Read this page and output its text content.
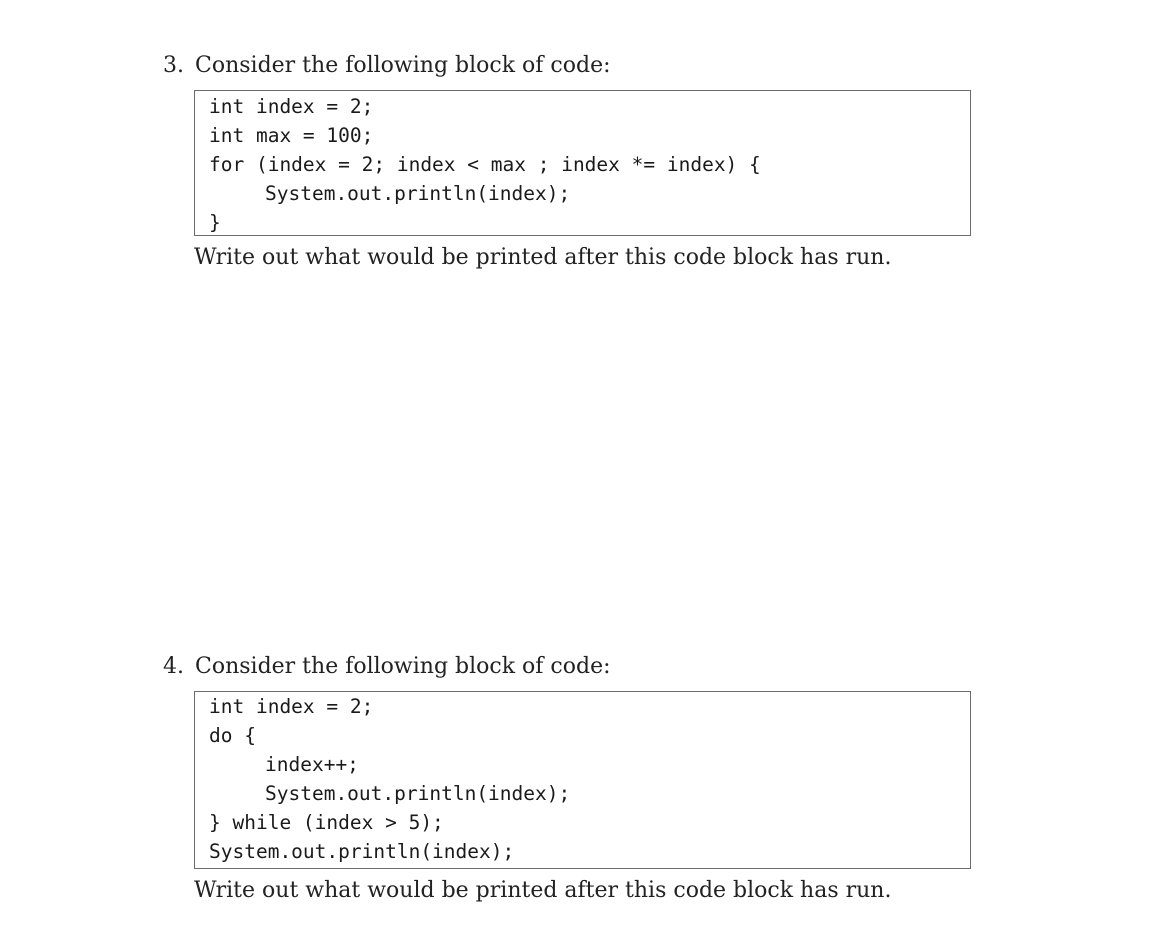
3. Consider the following block of code:
int index = 2;
int max = 100;
for (index = 2; index < max ; index *= index) {
System.out.println(index);
}
Write out what would be printed after this code block has run.
4. Consider the following block of code:
int index = 2;
do {
index++;
System.out.println(index);
} while (index > 5);
System.out.println(index);
Write out what would be printed after this code block has run.
